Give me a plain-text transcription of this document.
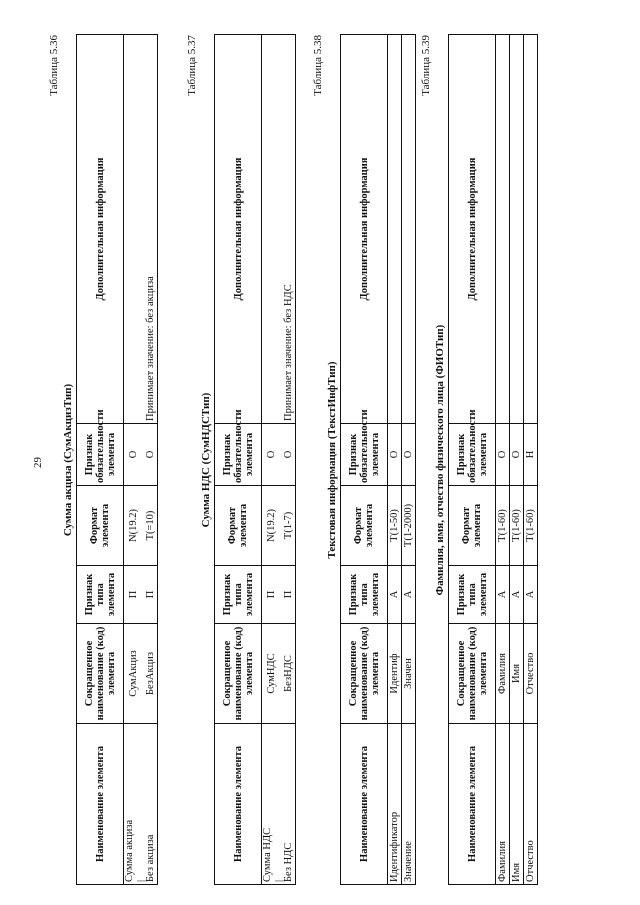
29
Таблица 5.36
Сумма акциза (СумАкцизТип)
Наименование элемента	Сокращенное наименование (код) элемента	Признак типа элемента	Формат элемента	Признак обязательности элемента	Дополнительная информация
Сумма акциза |	СумАкциз	П	N(19.2)	О	
Без акциза	БезАкциз	П	Т(=10)	О	Принимает значение: без акциза
Таблица 5.37
Сумма НДС (СумНДСТип)
Наименование элемента	Сокращенное наименование (код) элемента	Признак типа элемента	Формат элемента	Признак обязательности элемента	Дополнительная информация
Сумма НДС |	СумНДС	П	N(19.2)	О	
Без НДС	БезНДС	П	Т(1-7)	О	Принимает значение: без НДС
Таблица 5.38
Текстовая информация (ТекстИнфТип)
Наименование элемента	Сокращенное наименование (код) элемента	Признак типа элемента	Формат элемента	Признак обязательности элемента	Дополнительная информация
Идентификатор	Идентиф	А	Т(1-50)	О	
Значение	Значен	А	Т(1-2000)	О	
Таблица 5.39
Фамилия, имя, отчество физического лица (ФИОТип)
Наименование элемента	Сокращенное наименование (код) элемента	Признак типа элемента	Формат элемента	Признак обязательности элемента	Дополнительная информация
Фамилия	Фамилия	А	Т(1-60)	О	
Имя	Имя	А	Т(1-60)	О	
Отчество	Отчество	А	Т(1-60)	Н	
